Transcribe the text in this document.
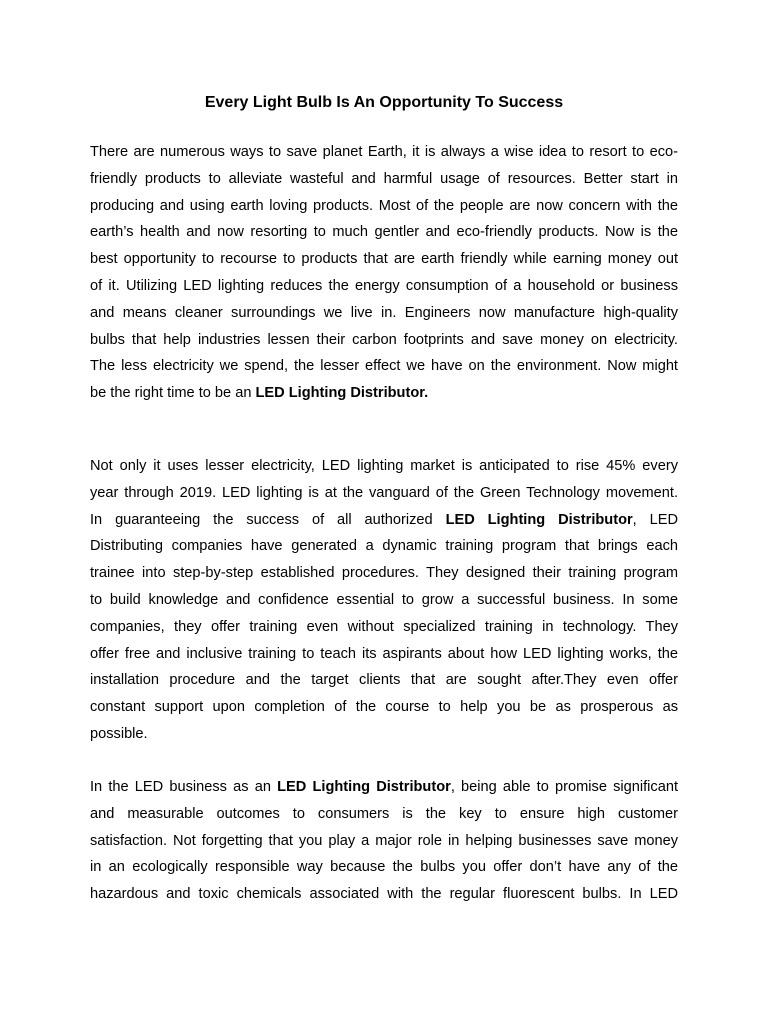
Every Light Bulb Is An Opportunity To Success
There are numerous ways to save planet Earth, it is always a wise idea to resort to eco-
friendly products to alleviate wasteful and harmful usage of resources. Better start in
producing and using earth loving products. Most of the people are now concern with the
earth’s health and now resorting to much gentler and eco-friendly products. Now is the
best opportunity to recourse to products that are earth friendly while earning money out
of it. Utilizing LED lighting reduces the energy consumption of a household or business
and means cleaner surroundings we live in. Engineers now manufacture high-quality
bulbs that help industries lessen their carbon footprints and save money on electricity.
The less electricity we spend, the lesser effect we have on the environment. Now might
be the right time to be an LED Lighting Distributor.
Not only it uses lesser electricity, LED lighting market is anticipated to rise 45% every
year through 2019. LED lighting is at the vanguard of the Green Technology movement.
In guaranteeing the success of all authorized LED Lighting Distributor, LED
Distributing companies have generated a dynamic training program that brings each
trainee into step-by-step established procedures. They designed their training program
to build knowledge and confidence essential to grow a successful business. In some
companies, they offer training even without specialized training in technology. They
offer free and inclusive training to teach its aspirants about how LED lighting works, the
installation procedure and the target clients that are sought after.They even offer
constant support upon completion of the course to help you be as prosperous as
possible.
In the LED business as an LED Lighting Distributor, being able to promise significant
and measurable outcomes to consumers is the key to ensure high customer
satisfaction. Not forgetting that you play a major role in helping businesses save money
in an ecologically responsible way because the bulbs you offer don’t have any of the
hazardous and toxic chemicals associated with the regular fluorescent bulbs. In LED
